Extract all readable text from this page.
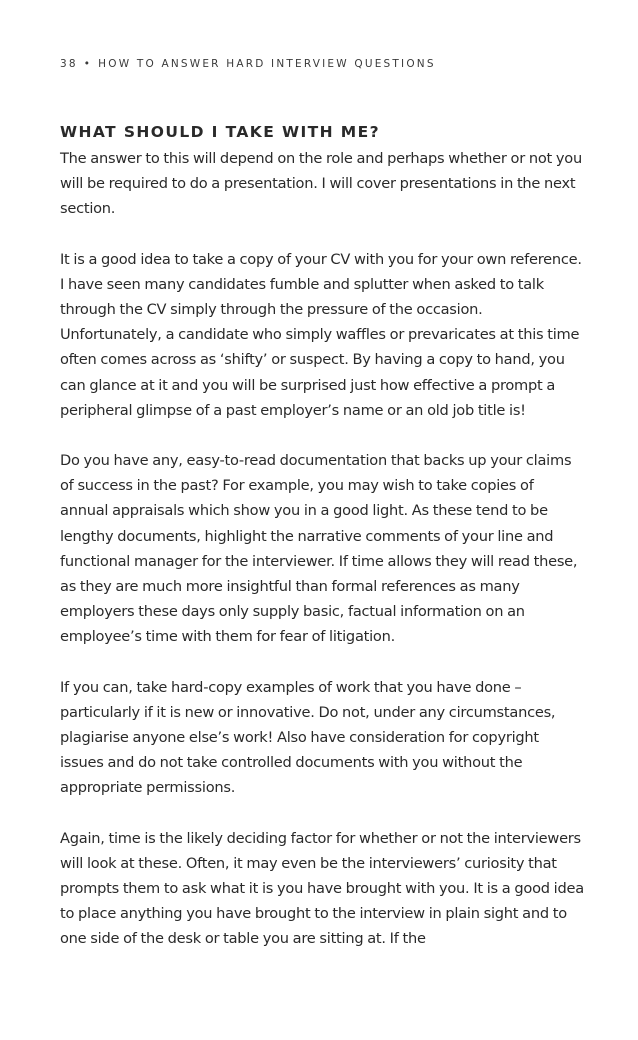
38 • HOW TO ANSWER HARD INTERVIEW QUESTIONS
WHAT SHOULD I TAKE WITH ME?

The answer to this will depend on the role and perhaps whether or not you will be required to do a presentation. I will cover presentations in the next section.

It is a good idea to take a copy of your CV with you for your own reference. I have seen many candidates fumble and splutter when asked to talk through the CV simply through the pressure of the occasion. Unfortunately, a candidate who simply waffles or prevaricates at this time often comes across as ‘shifty’ or suspect. By having a copy to hand, you can glance at it and you will be surprised just how effective a prompt a peripheral glimpse of a past employer’s name or an old job title is!

Do you have any, easy-to-read documentation that backs up your claims of success in the past? For example, you may wish to take copies of annual appraisals which show you in a good light. As these tend to be lengthy documents, highlight the narrative comments of your line and functional manager for the interviewer. If time allows they will read these, as they are much more insightful than formal references as many employers these days only supply basic, factual information on an employee’s time with them for fear of litigation.

If you can, take hard-copy examples of work that you have done – particularly if it is new or innovative. Do not, under any circumstances, plagiarise anyone else’s work! Also have consideration for copyright issues and do not take controlled documents with you without the appropriate permissions.

Again, time is the likely deciding factor for whether or not the interviewers will look at these. Often, it may even be the interviewers’ curiosity that prompts them to ask what it is you have brought with you. It is a good idea to place anything you have brought to the interview in plain sight and to one side of the desk or table you are sitting at. If the
